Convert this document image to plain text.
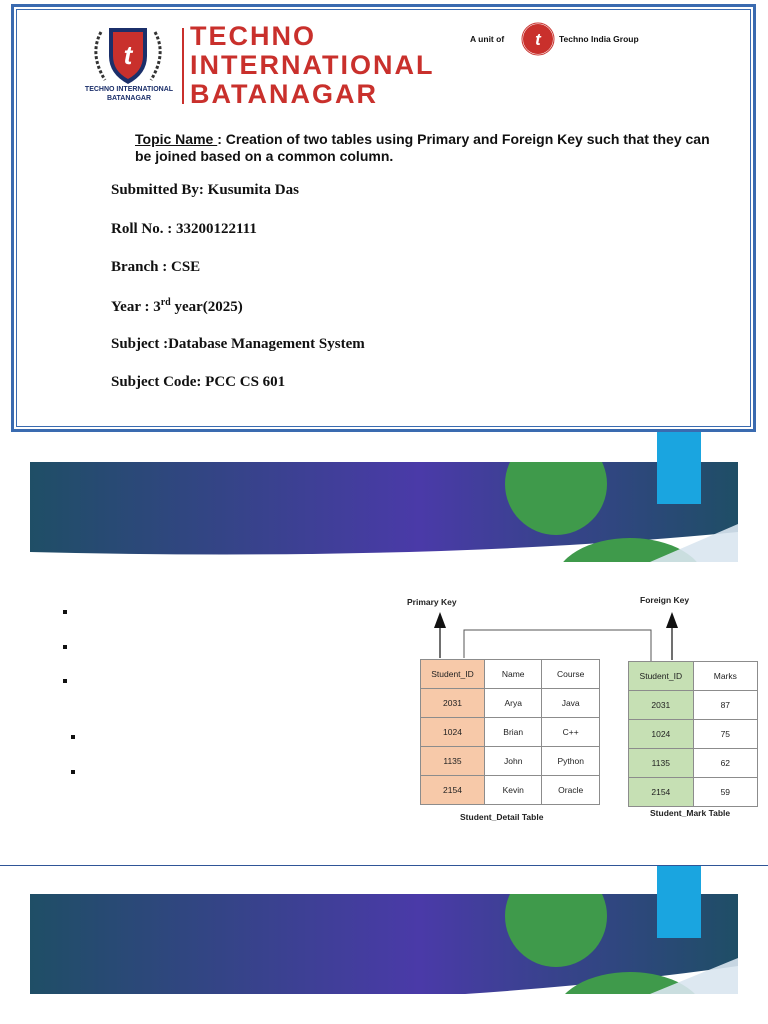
t
TECHNO INTERNATIONAL
BATANAGAR
TECHNO
INTERNATIONAL
BATANAGAR
A unit of t Techno India Group
Topic Name : Creation of two tables using Primary and Foreign Key such that they can be joined based on a common column.
Submitted By: Kusumita Das
Roll No. : 33200122111
Branch : CSE
Year : 3rd year(2025)
Subject :Database Management System
Subject Code: PCC CS 601
Primary Key	Foreign Key
Student_ID	Name	Course
2031	Arya	Java
1024	Brian	C++
1135	John	Python
2154	Kevin	Oracle
Student_Detail Table
Student_ID	Marks
2031	87
1024	75
1135	62
2154	59
Student_Mark Table
